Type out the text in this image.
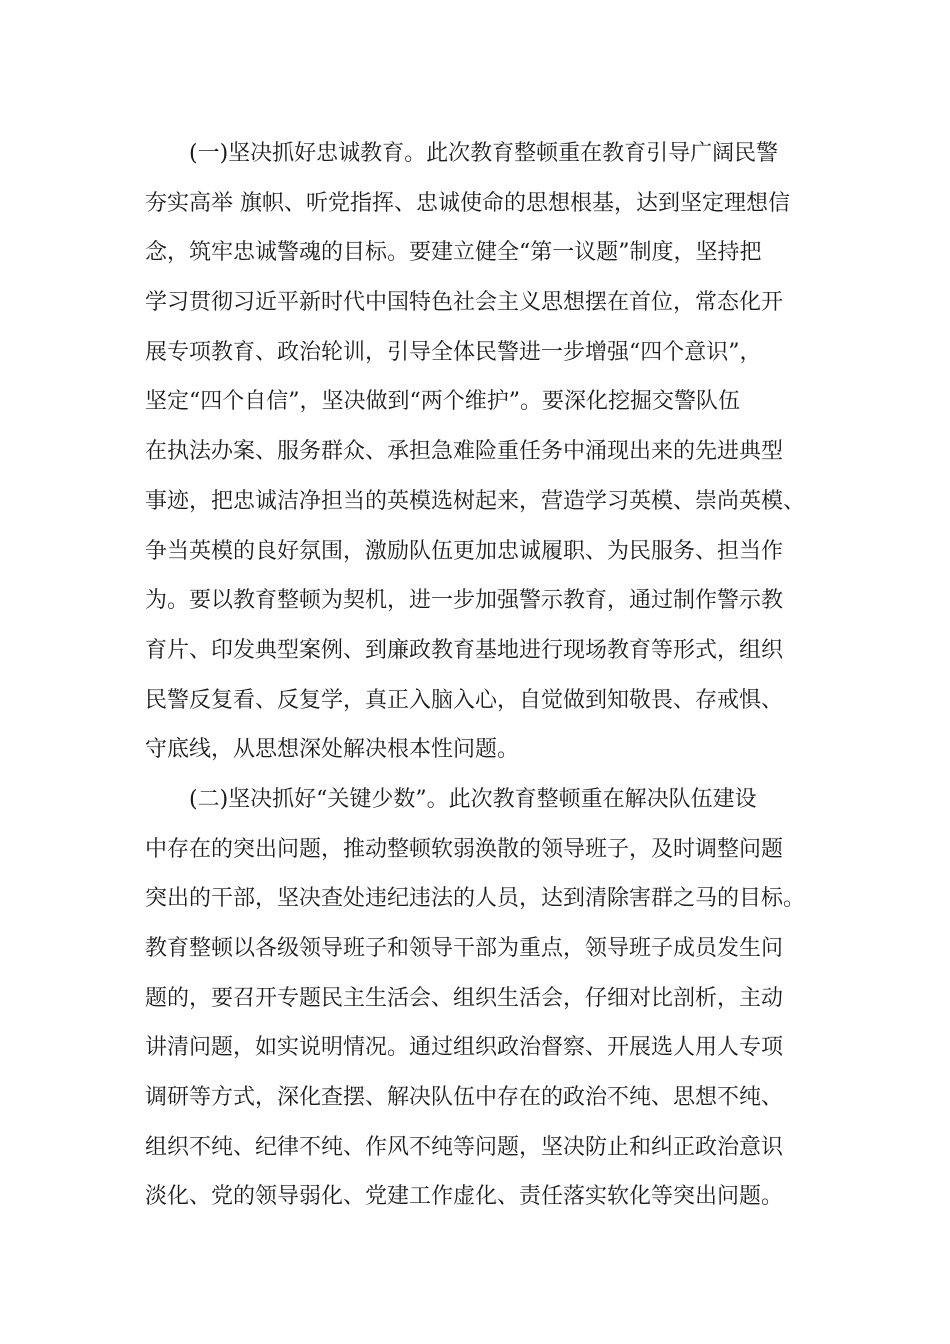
　　(一)坚决抓好忠诚教育。此次教育整顿重在教育引导广阔民警
夯实高举 旗帜、听党指挥、忠诚使命的思想根基，达到坚定理想信
念，筑牢忠诚警魂的目标。要建立健全“第一议题”制度，坚持把
学习贯彻习近平新时代中国特色社会主义思想摆在首位，常态化开
展专项教育、政治轮训，引导全体民警进一步增强“四个意识”，
坚定“四个自信”，坚决做到“两个维护”。要深化挖掘交警队伍
在执法办案、服务群众、承担急难险重任务中涌现出来的先进典型
事迹，把忠诚洁净担当的英模选树起来，营造学习英模、崇尚英模、
争当英模的良好氛围，激励队伍更加忠诚履职、为民服务、担当作
为。要以教育整顿为契机，进一步加强警示教育，通过制作警示教
育片、印发典型案例、到廉政教育基地进行现场教育等形式，组织
民警反复看、反复学，真正入脑入心，自觉做到知敬畏、存戒惧、
守底线，从思想深处解决根本性问题。
　　(二)坚决抓好“关键少数”。此次教育整顿重在解决队伍建设
中存在的突出问题，推动整顿软弱涣散的领导班子，及时调整问题
突出的干部，坚决查处违纪违法的人员，达到清除害群之马的目标。
教育整顿以各级领导班子和领导干部为重点，领导班子成员发生问
题的，要召开专题民主生活会、组织生活会，仔细对比剖析，主动
讲清问题，如实说明情况。通过组织政治督察、开展选人用人专项
调研等方式，深化查摆、解决队伍中存在的政治不纯、思想不纯、
组织不纯、纪律不纯、作风不纯等问题，坚决防止和纠正政治意识
淡化、党的领导弱化、党建工作虚化、责任落实软化等突出问题。
